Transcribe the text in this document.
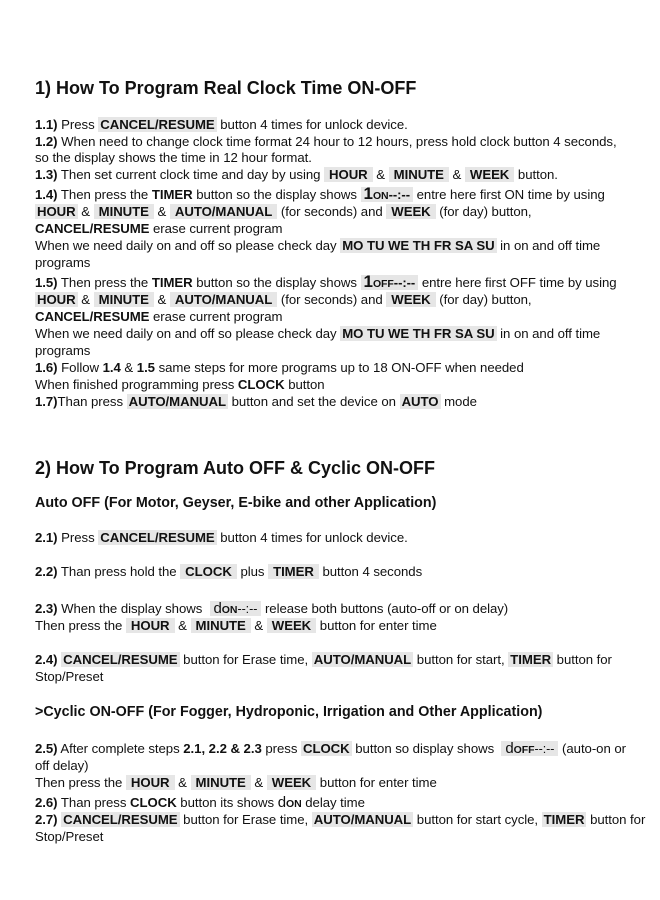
1) How To Program Real Clock Time ON-OFF
1.1) Press CANCEL/RESUME button 4 times for unlock device.
1.2) When need to change clock time format 24 hour to 12 hours, press hold clock button 4 seconds,
so the display shows the time in 12 hour format.
1.3) Then set current clock time and day by using HOUR & MINUTE & WEEK button.
1.4) Then press the TIMER button so the display shows 1ON--:-- entre here first ON time by using
HOUR & MINUTE & AUTO/MANUAL (for seconds) and WEEK (for day) button,
CANCEL/RESUME erase current program
When we need daily on and off so please check day MO TU WE TH FR SA SU in on and off time
programs
1.5) Then press the TIMER button so the display shows 1OFF--:-- entre here first OFF time by using
HOUR & MINUTE & AUTO/MANUAL (for seconds) and WEEK (for day) button,
CANCEL/RESUME erase current program
When we need daily on and off so please check day MO TU WE TH FR SA SU in on and off time
programs
1.6) Follow 1.4 & 1.5 same steps for more programs up to 18 ON-OFF when needed
When finished programming press CLOCK button
1.7)Than press AUTO/MANUAL button and set the device on AUTO mode
2) How To Program Auto OFF & Cyclic ON-OFF
Auto OFF (For Motor, Geyser, E-bike and other Application)
2.1) Press CANCEL/RESUME button 4 times for unlock device.
2.2) Than press hold the CLOCK plus TIMER button 4 seconds
2.3) When the display shows dON--:-- release both buttons (auto-off or on delay)
Then press the HOUR & MINUTE & WEEK button for enter time
2.4) CANCEL/RESUME button for Erase time, AUTO/MANUAL button for start, TIMER button for
Stop/Preset
>Cyclic ON-OFF (For Fogger, Hydroponic, Irrigation and Other Application)
2.5) After complete steps 2.1, 2.2 & 2.3 press CLOCK button so display shows dOFF--:-- (auto-on or
off delay)
Then press the HOUR & MINUTE & WEEK button for enter time
2.6) Than press CLOCK button its shows dON delay time
2.7) CANCEL/RESUME button for Erase time, AUTO/MANUAL button for start cycle, TIMER button for
Stop/Preset
